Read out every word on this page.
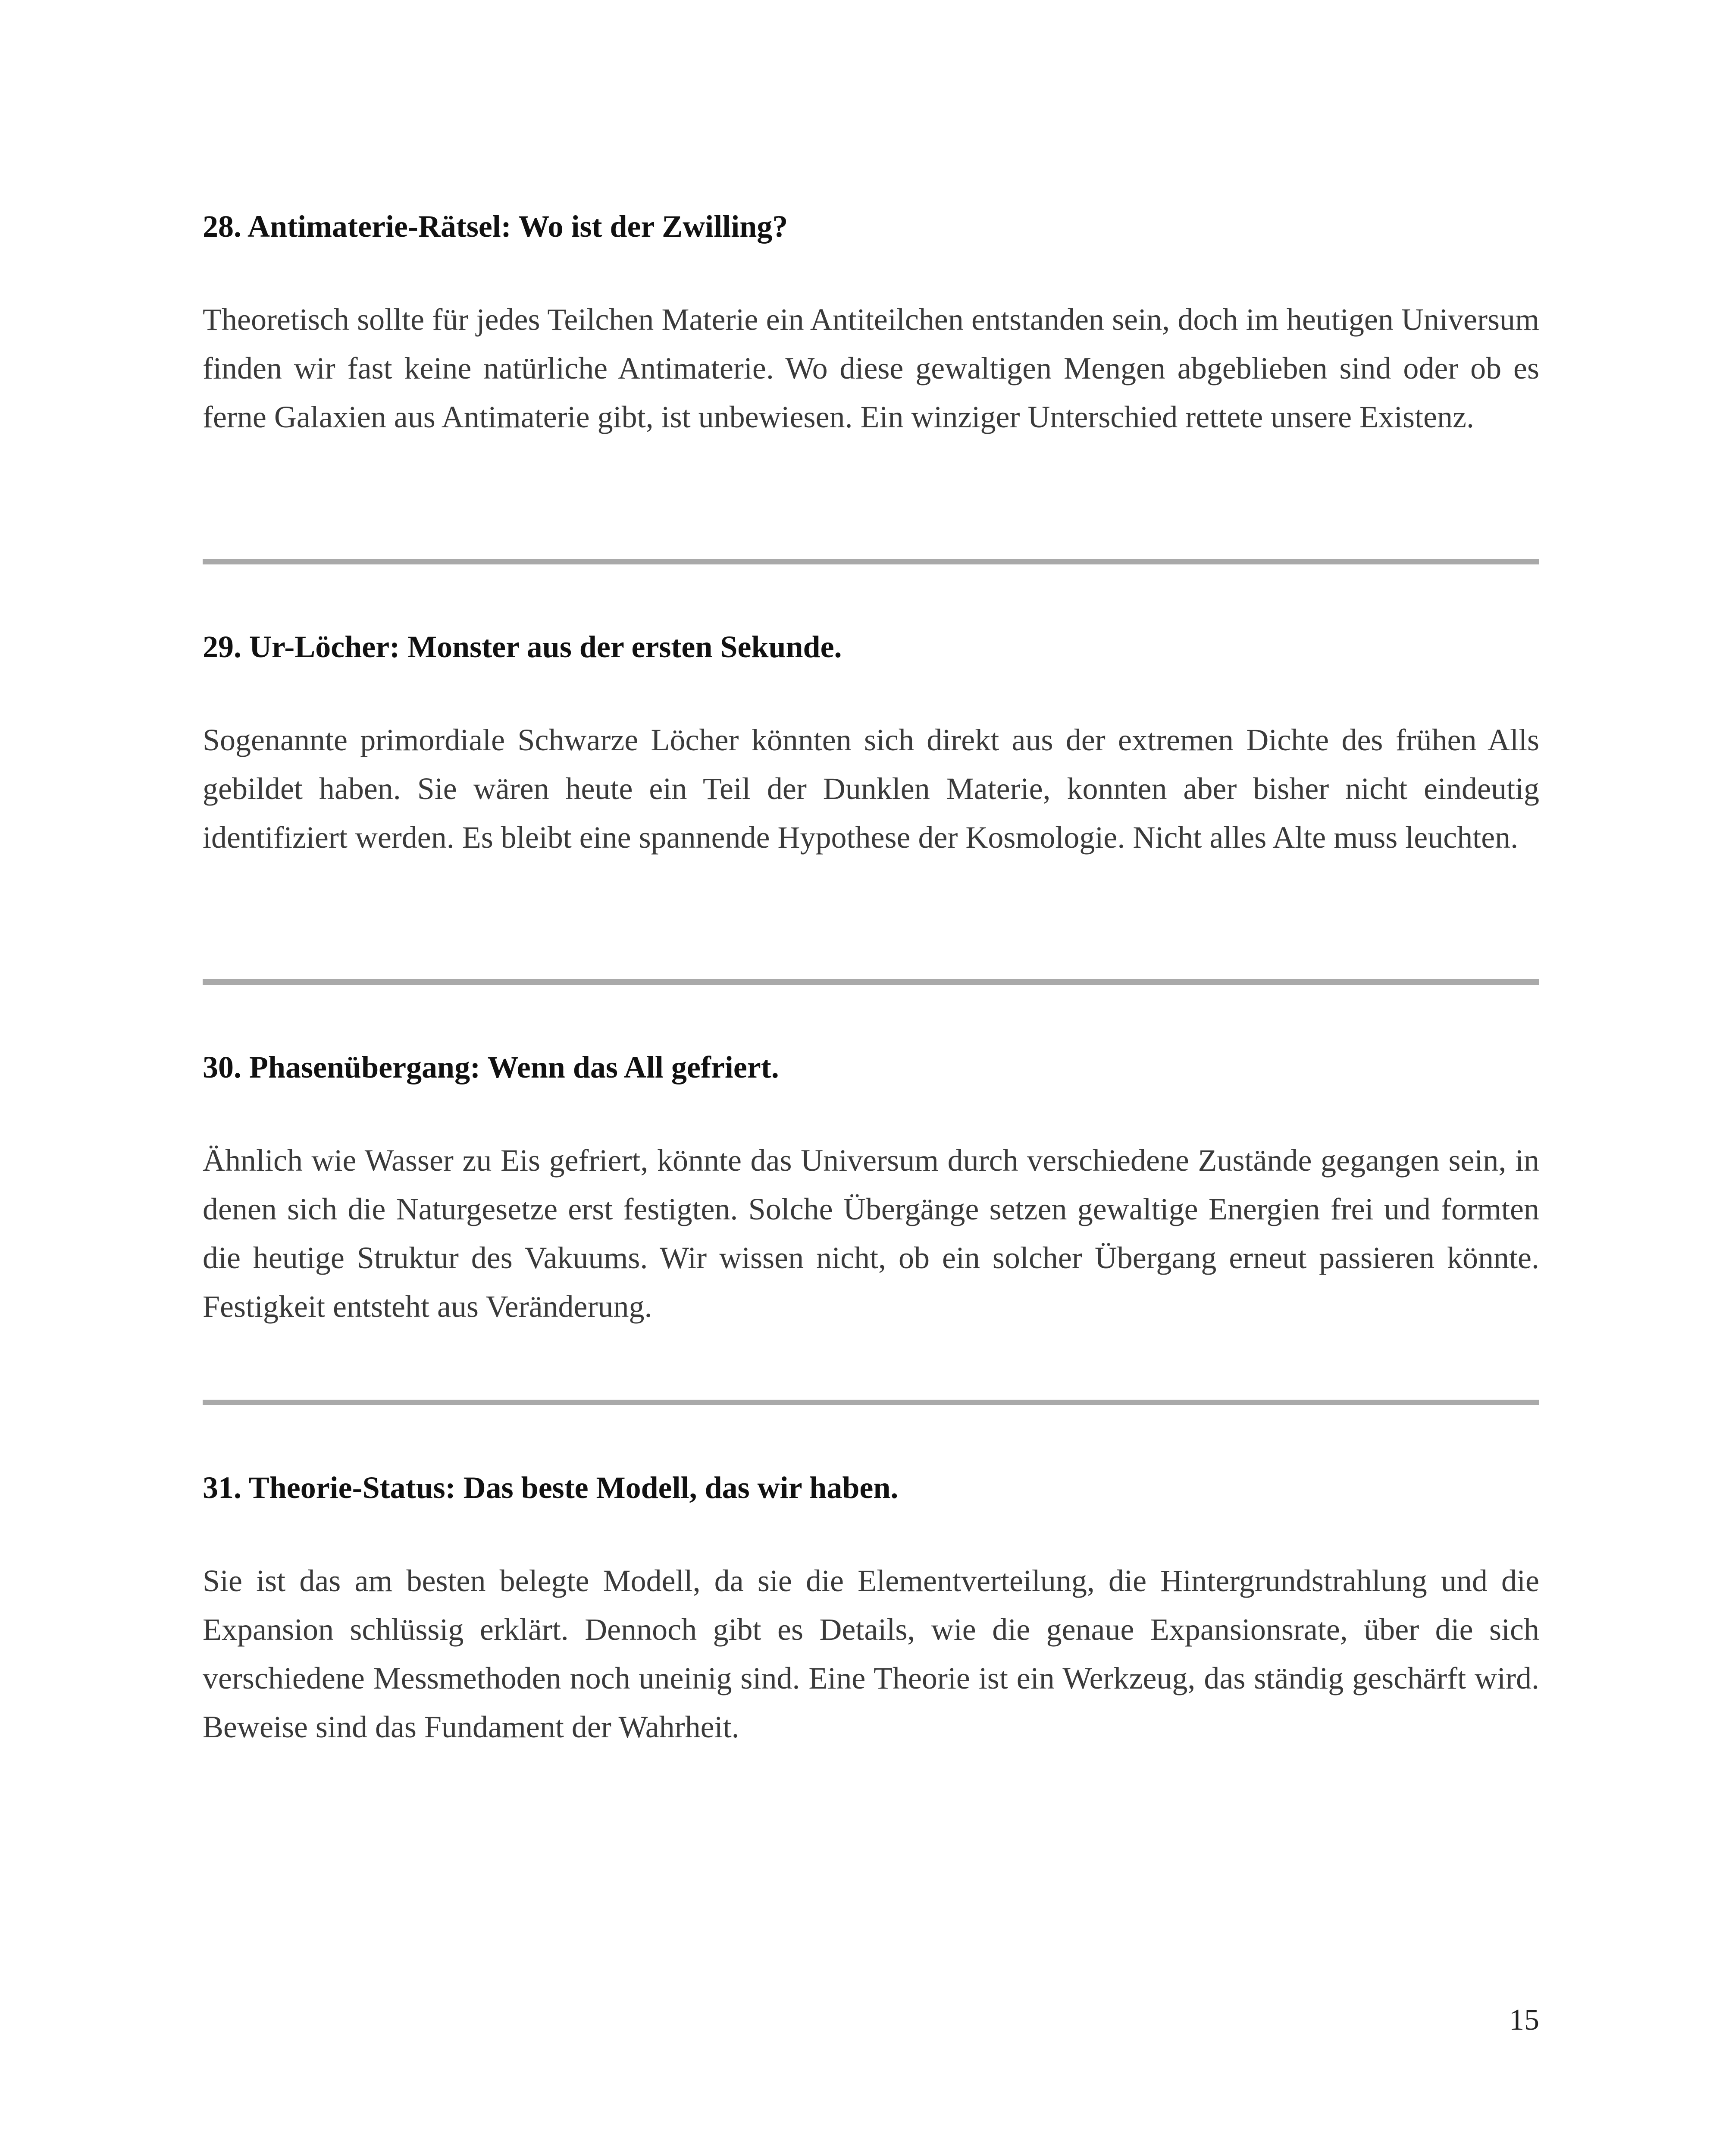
28. Antimaterie-Rätsel: Wo ist der Zwilling?

Theoretisch sollte für jedes Teilchen Materie ein Antiteilchen entstanden sein, doch im heutigen Universum finden wir fast keine natürliche Antimaterie. Wo diese gewaltigen Mengen abgeblieben sind oder ob es ferne Galaxien aus Antimaterie gibt, ist unbewiesen. Ein winziger Unterschied rettete unsere Existenz.

29. Ur-Löcher: Monster aus der ersten Sekunde.

Sogenannte primordiale Schwarze Löcher könnten sich direkt aus der extremen Dichte des frühen Alls gebildet haben. Sie wären heute ein Teil der Dunklen Materie, konnten aber bisher nicht eindeutig identifiziert werden. Es bleibt eine spannende Hypothese der Kosmologie. Nicht alles Alte muss leuchten.

30. Phasenübergang: Wenn das All gefriert.

Ähnlich wie Wasser zu Eis gefriert, könnte das Universum durch verschiedene Zustände gegangen sein, in denen sich die Naturgesetze erst festigten. Solche Übergänge setzen gewaltige Energien frei und formten die heutige Struktur des Vakuums. Wir wissen nicht, ob ein solcher Übergang erneut passieren könnte. Festigkeit entsteht aus Veränderung.

31. Theorie-Status: Das beste Modell, das wir haben.

Sie ist das am besten belegte Modell, da sie die Elementverteilung, die Hintergrundstrahlung und die Expansion schlüssig erklärt. Dennoch gibt es Details, wie die genaue Expansionsrate, über die sich verschiedene Messmethoden noch uneinig sind. Eine Theorie ist ein Werkzeug, das ständig geschärft wird. Beweise sind das Fundament der Wahrheit.

15
